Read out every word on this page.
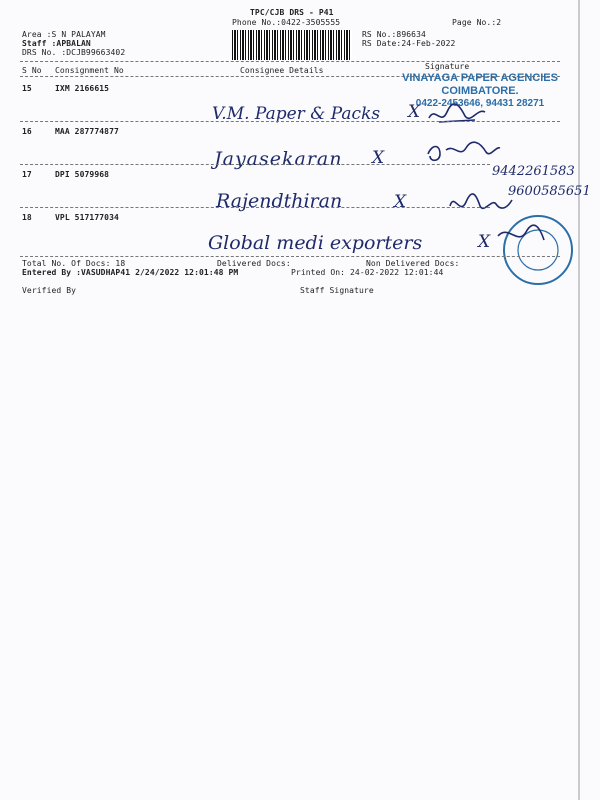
TPC/CJB DRS - P41
Phone No.:0422-3505555	Page No.:2
Area :S N PALAYAM
Staff :APBALAN
DRS No. :DCJB99663402
RS No.:896634
RS Date:24-Feb-2022
S No Consignment No	Consignee Details	Signature
VINAYAGA PAPER AGENCIES
COIMBATORE.
0422-2453646, 94431 28271
15	IXM 2166615
V.M. Paper & Packs X
16	MAA 287774877
Jayasekaran X
9442261583
17	DPI 5079968
Rajendthiran	X
9600585651
18	VPL 517177034
Global medi exporters	X
Total No. Of Docs: 18	Delivered Docs:	Non Delivered Docs:
Entered By :VASUDHAP41 2/24/2022 12:01:48 PM	Printed On: 24-02-2022 12:01:44
Verified By	Staff Signature
